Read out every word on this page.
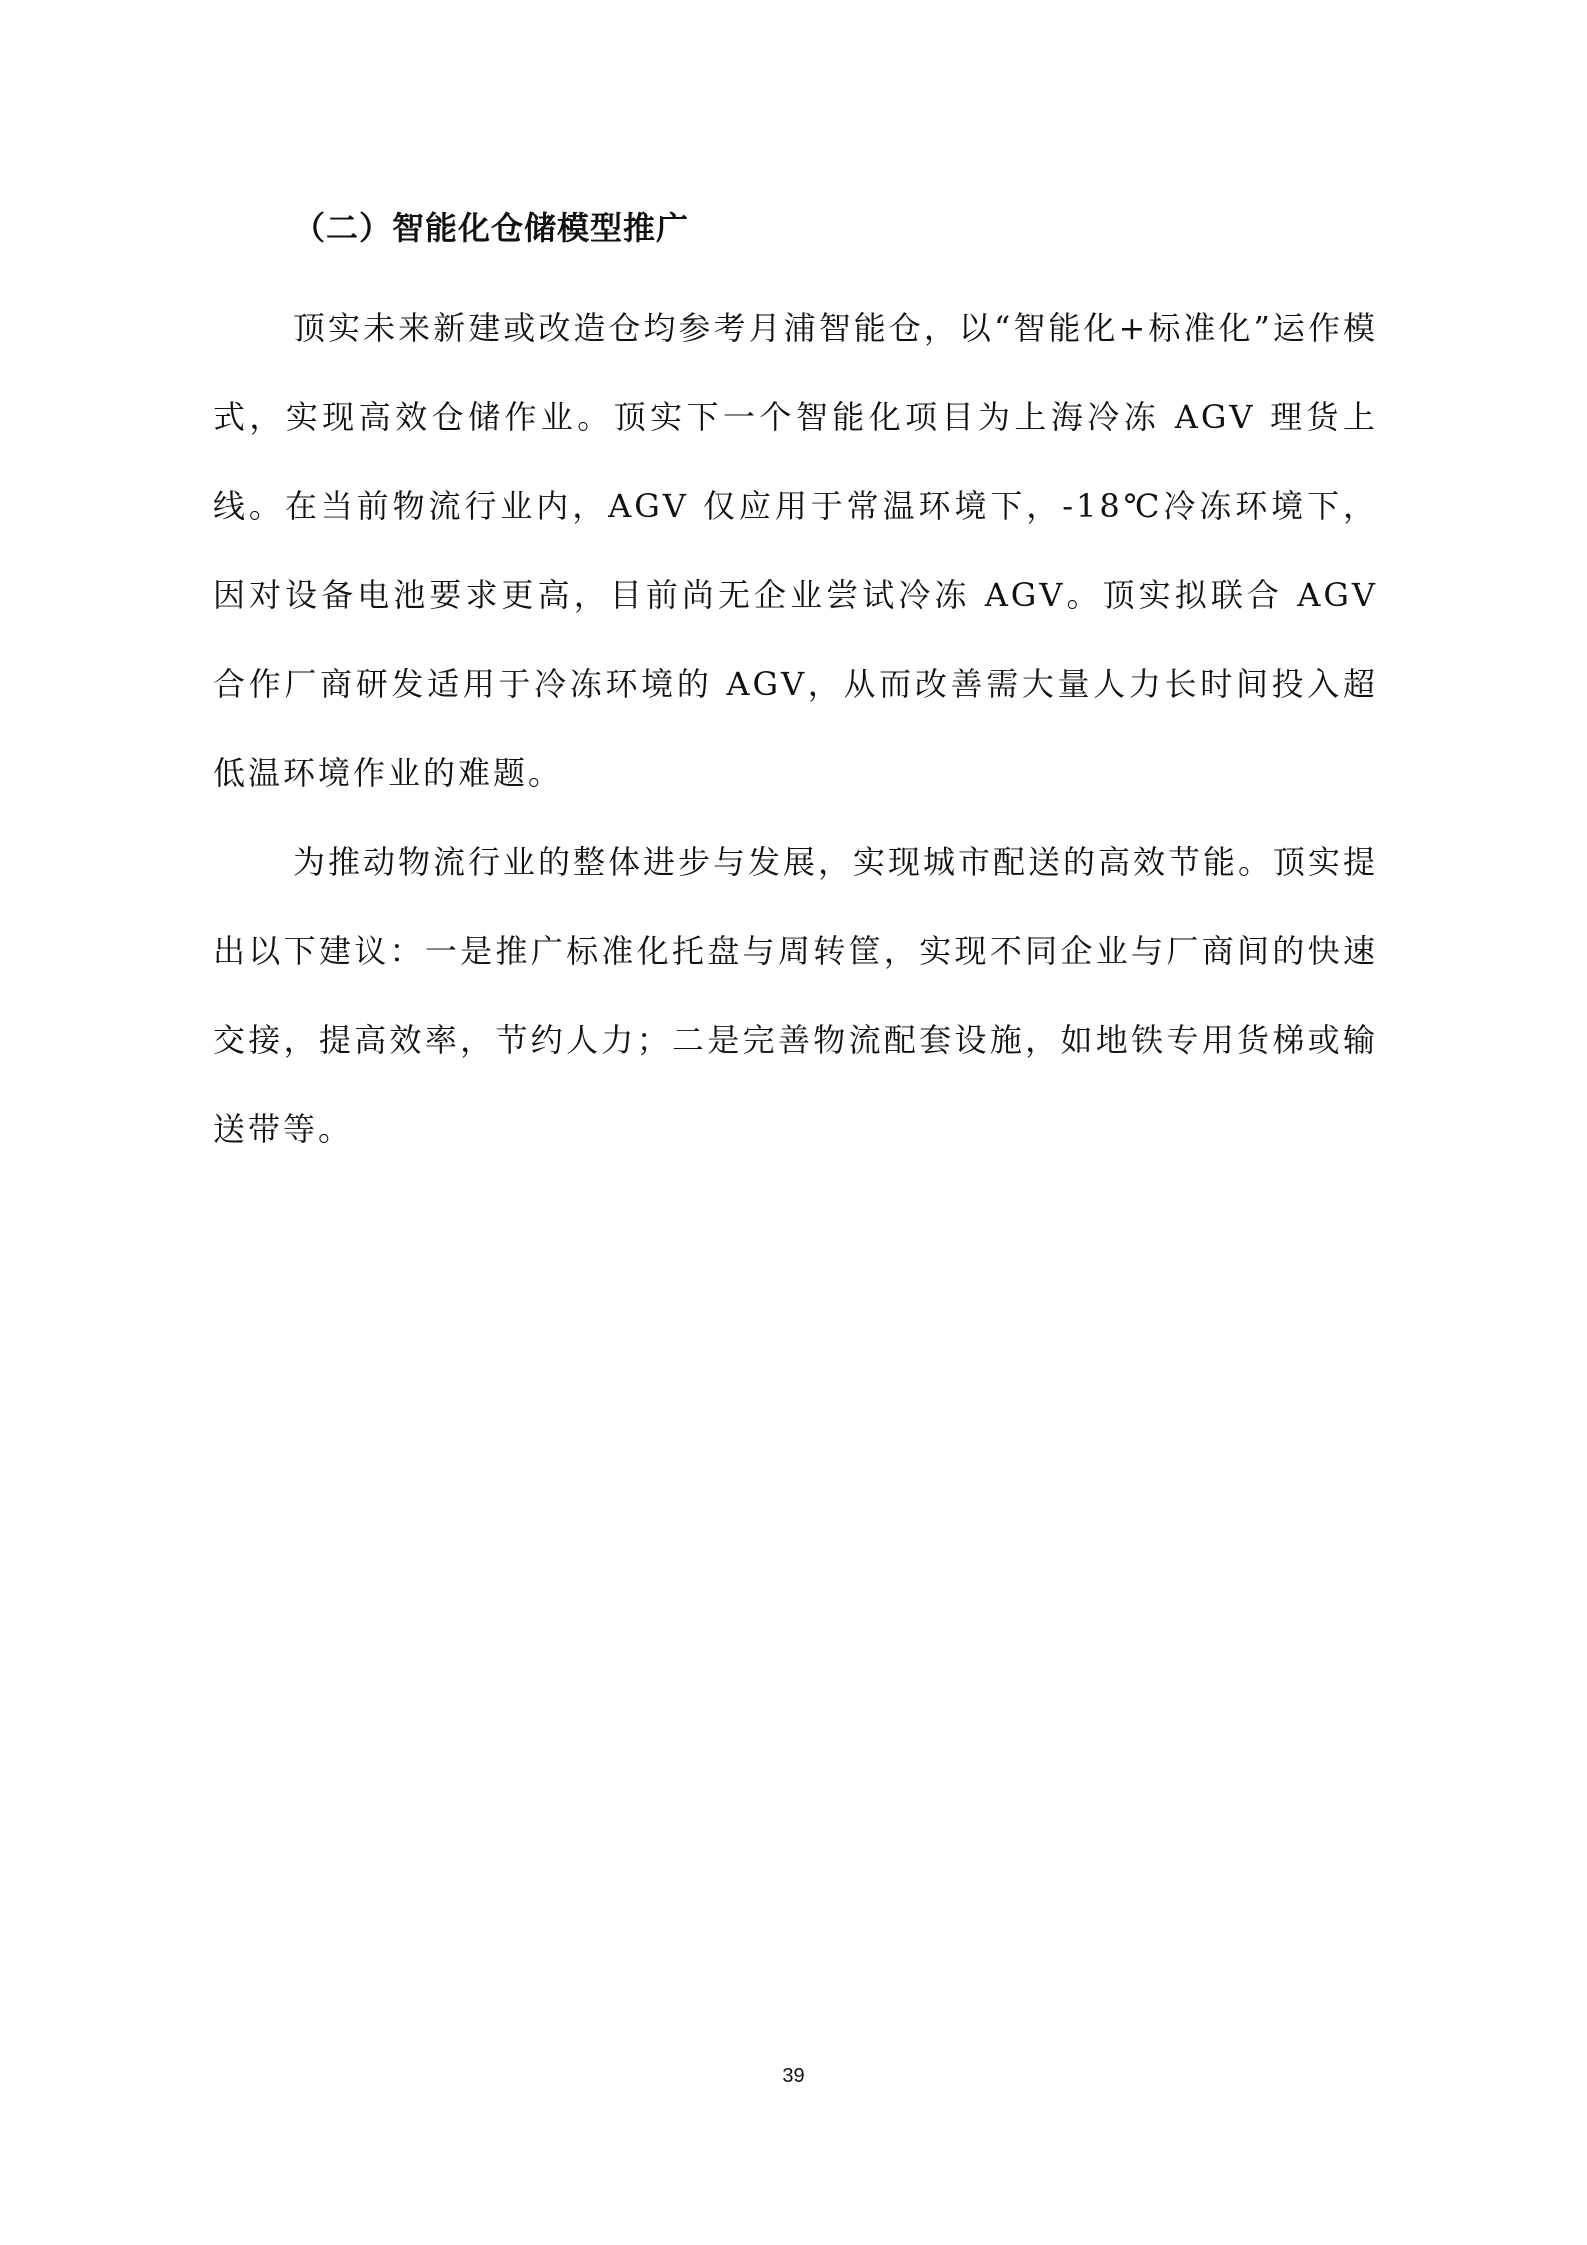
（二）智能化仓储模型推广

顶实未来新建或改造仓均参考月浦智能仓，以“智能化+标准化”运作模式，实现高效仓储作业。顶实下一个智能化项目为上海冷冻 AGV 理货上线。在当前物流行业内，AGV 仅应用于常温环境下，-18℃冷冻环境下，因对设备电池要求更高，目前尚无企业尝试冷冻 AGV。顶实拟联合 AGV 合作厂商研发适用于冷冻环境的 AGV，从而改善需大量人力长时间投入超低温环境作业的难题。

为推动物流行业的整体进步与发展，实现城市配送的高效节能。顶实提出以下建议：一是推广标准化托盘与周转筐，实现不同企业与厂商间的快速交接，提高效率，节约人力；二是完善物流配套设施，如地铁专用货梯或输送带等。

39
